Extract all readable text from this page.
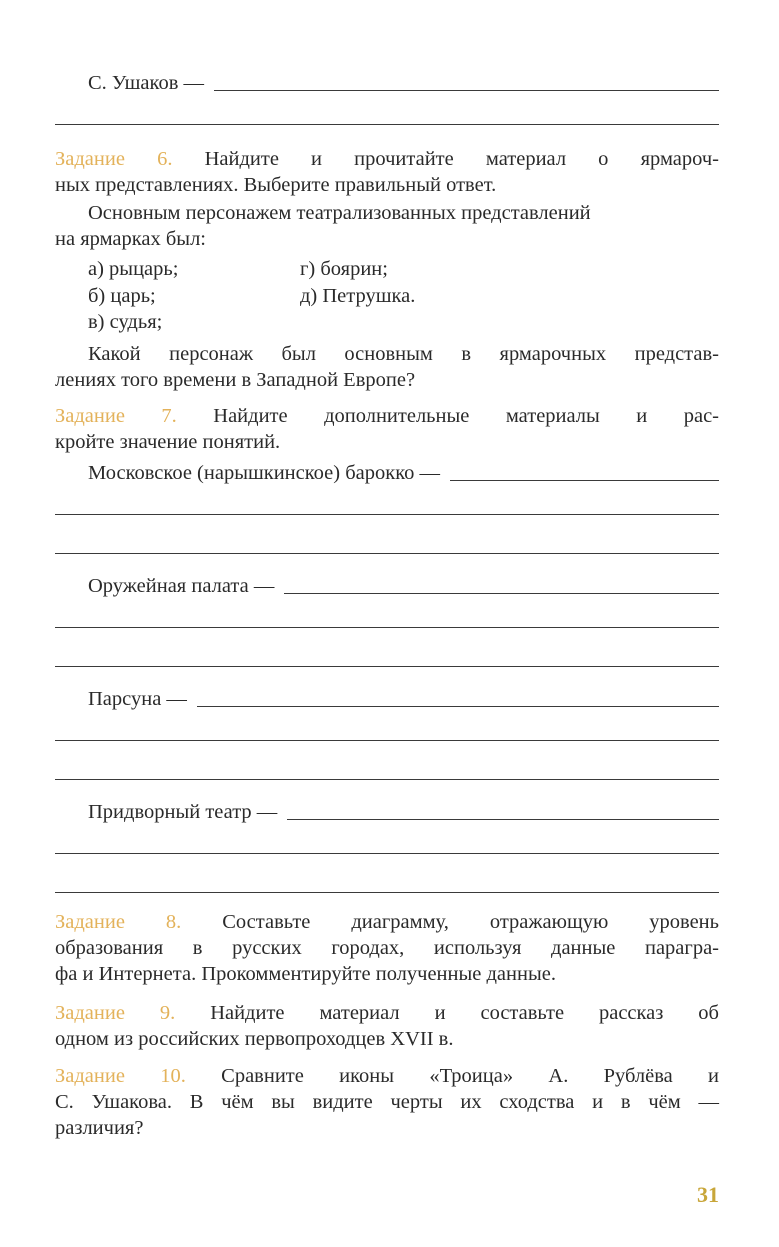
С. Ушаков —
Задание 6. Найдите и прочитайте материал о ярмароч-
ных представлениях. Выберите правильный ответ.
Основным персонажем театрализованных представлений
на ярмарках был:
а) рыцарь;	г) боярин;
б) царь;	д) Петрушка.
в) судья;
Какой персонаж был основным в ярмарочных представ-
лениях того времени в Западной Европе?
Задание 7. Найдите дополнительные материалы и рас-
кройте значение понятий.
Московское (нарышкинское) барокко —
Оружейная палата —
Парсуна —
Придворный театр —
Задание 8. Составьте диаграмму, отражающую уровень
образования в русских городах, используя данные парагра-
фа и Интернета. Прокомментируйте полученные данные.
Задание 9. Найдите материал и составьте рассказ об
одном из российских первопроходцев XVII в.
Задание 10. Сравните иконы «Троица» А. Рублёва и
С. Ушакова. В чём вы видите черты их сходства и в чём —
различия?
31
